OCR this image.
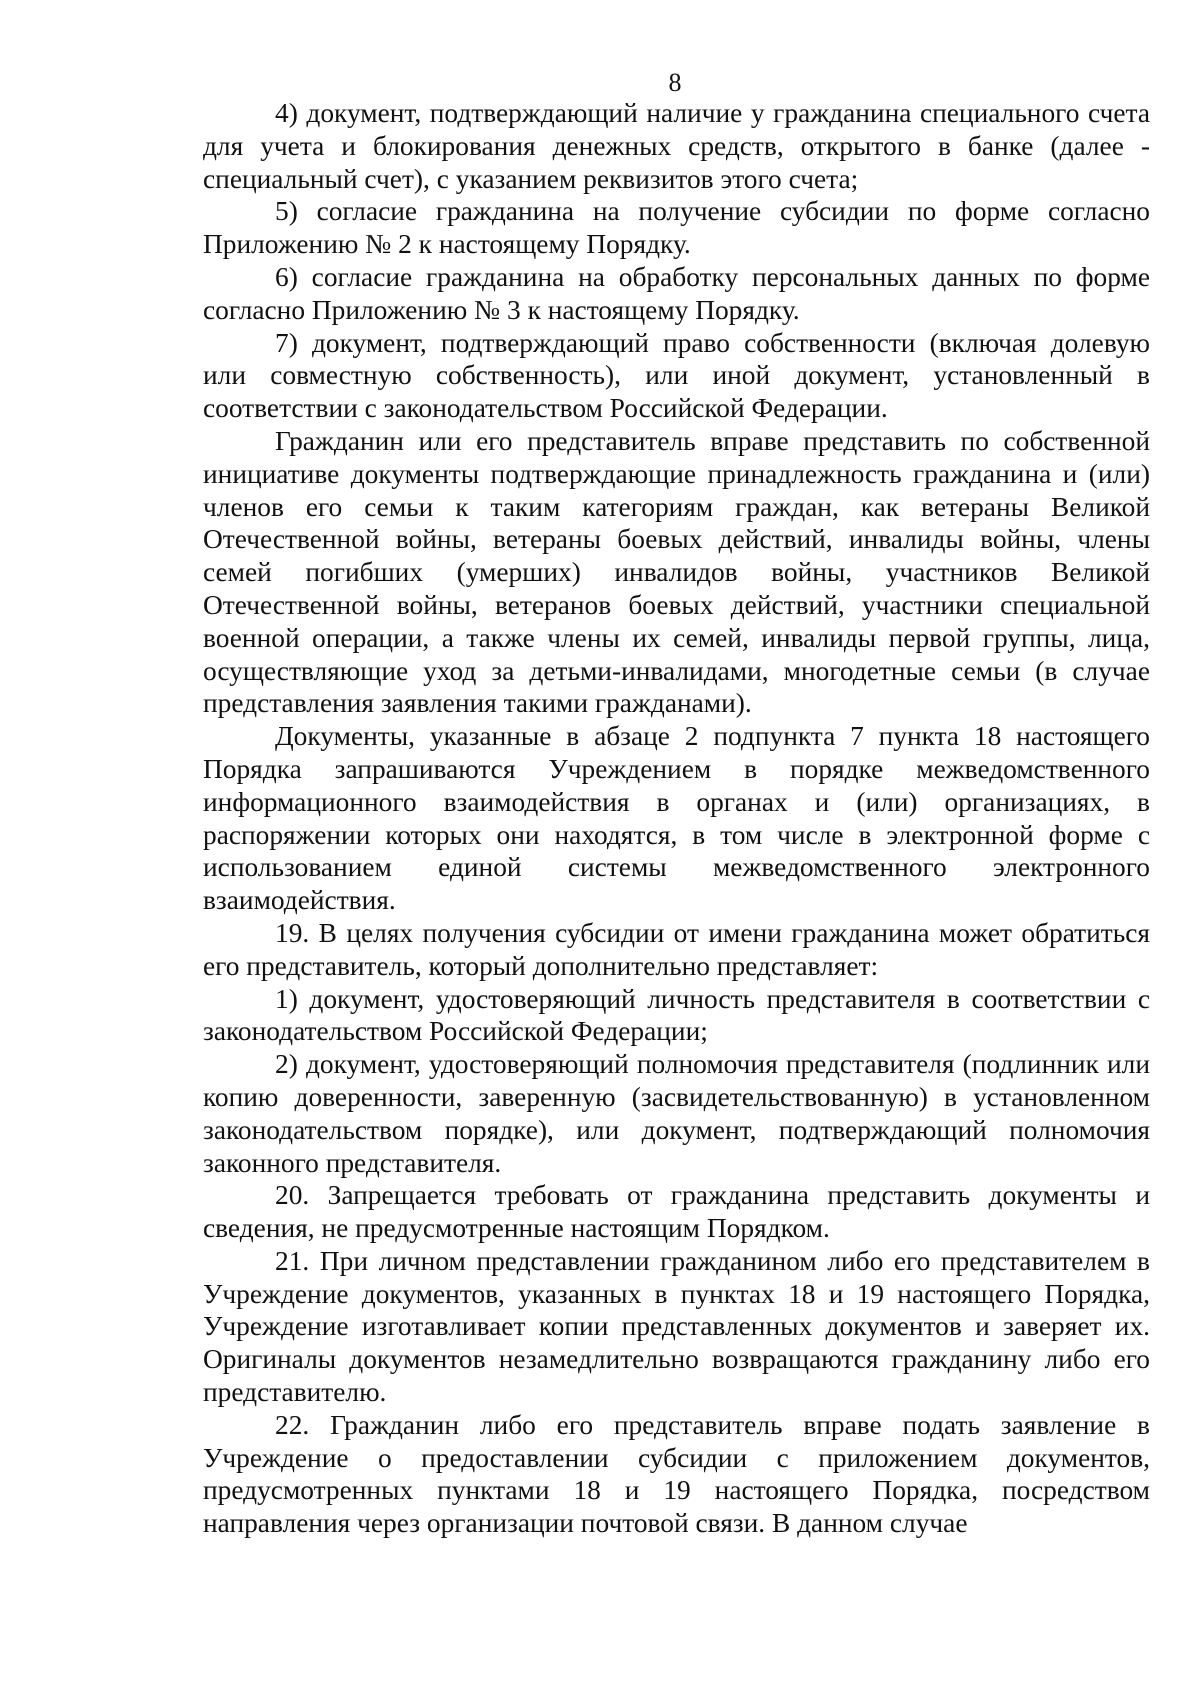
8

4) документ, подтверждающий наличие у гражданина специального счета для учета и блокирования денежных средств, открытого в банке (далее - специальный счет), с указанием реквизитов этого счета;

5) согласие гражданина на получение субсидии по форме согласно Приложению № 2 к настоящему Порядку.

6) согласие гражданина на обработку персональных данных по форме согласно Приложению № 3 к настоящему Порядку.

7) документ, подтверждающий право собственности (включая долевую или совместную собственность), или иной документ, установленный в соответствии с законодательством Российской Федерации.

Гражданин или его представитель вправе представить по собственной инициативе документы подтверждающие принадлежность гражданина и (или) членов его семьи к таким категориям граждан, как ветераны Великой Отечественной войны, ветераны боевых действий, инвалиды войны, члены семей погибших (умерших) инвалидов войны, участников Великой Отечественной войны, ветеранов боевых действий, участники специальной военной операции, а также члены их семей, инвалиды первой группы, лица, осуществляющие уход за детьми-инвалидами, многодетные семьи (в случае представления заявления такими гражданами).

Документы, указанные в абзаце 2 подпункта 7 пункта 18 настоящего Порядка запрашиваются Учреждением в порядке межведомственного информационного взаимодействия в органах и (или) организациях, в распоряжении которых они находятся, в том числе в электронной форме с использованием единой системы межведомственного электронного взаимодействия.

19. В целях получения субсидии от имени гражданина может обратиться его представитель, который дополнительно представляет:

1) документ, удостоверяющий личность представителя в соответствии с законодательством Российской Федерации;

2) документ, удостоверяющий полномочия представителя (подлинник или копию доверенности, заверенную (засвидетельствованную) в установленном законодательством порядке), или документ, подтверждающий полномочия законного представителя.

20. Запрещается требовать от гражданина представить документы и сведения, не предусмотренные настоящим Порядком.

21. При личном представлении гражданином либо его представителем в Учреждение документов, указанных в пунктах 18 и 19 настоящего Порядка, Учреждение изготавливает копии представленных документов и заверяет их. Оригиналы документов незамедлительно возвращаются гражданину либо его представителю.

22. Гражданин либо его представитель вправе подать заявление в Учреждение о предоставлении субсидии с приложением документов, предусмотренных пунктами 18 и 19 настоящего Порядка, посредством направления через организации почтовой связи. В данном случае
